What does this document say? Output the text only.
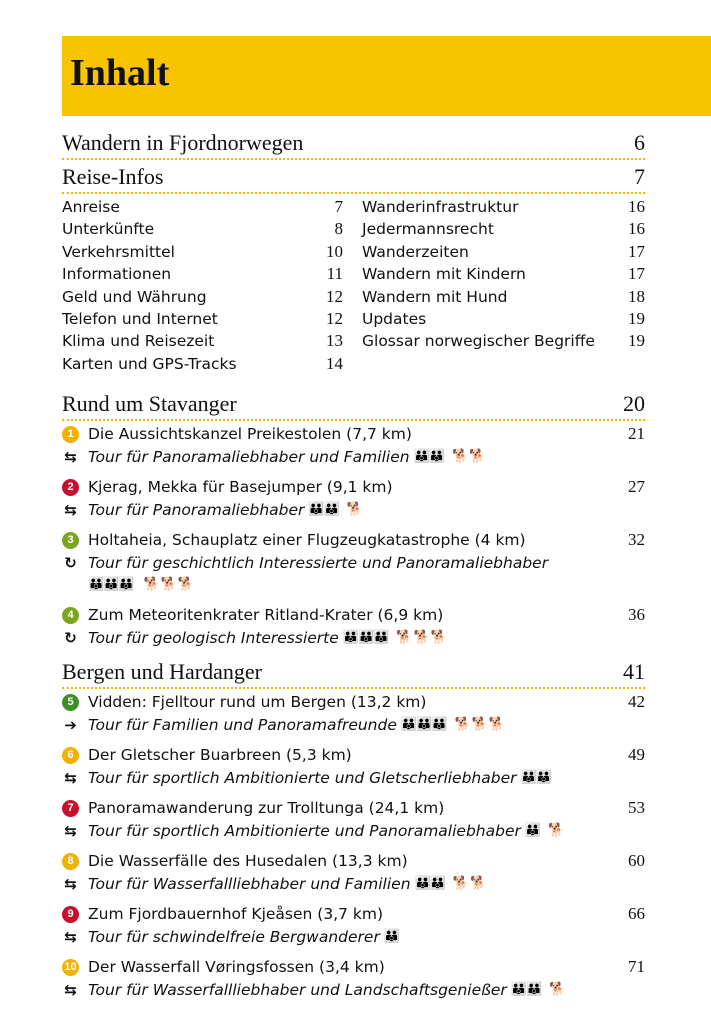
Inhalt
Wandern in Fjordnorwegen	6
Reise-Infos	7
Anreise	7
Unterkünfte	8
Verkehrsmittel	10
Informationen	11
Geld und Währung	12
Telefon und Internet	12
Klima und Reisezeit	13
Karten und GPS-Tracks	14
Wanderinfrastruktur	16
Jedermannsrecht	16
Wanderzeiten	17
Wandern mit Kindern	17
Wandern mit Hund	18
Updates	19
Glossar norwegischer Begriffe 19
Rund um Stavanger	20
1 Die Aussichtskanzel Preikestolen (7,7 km)	21
⇆ Tour für Panoramaliebhaber und Familien 👪👪 🐕🐕
2 Kjerag, Mekka für Basejumper (9,1 km)	27
⇆ Tour für Panoramaliebhaber 👪👪 🐕
3 Holtaheia, Schauplatz einer Flugzeugkatastrophe (4 km)	32
↻ Tour für geschichtlich Interessierte und Panoramaliebhaber
👪👪👪 🐕🐕🐕
4 Zum Meteoritenkrater Ritland-Krater (6,9 km)	36
↻ Tour für geologisch Interessierte 👪👪👪 🐕🐕🐕
Bergen und Hardanger	41
5 Vidden: Fjelltour rund um Bergen (13,2 km)	42
➔ Tour für Familien und Panoramafreunde 👪👪👪 🐕🐕🐕
6 Der Gletscher Buarbreen (5,3 km)	49
⇆ Tour für sportlich Ambitionierte und Gletscherliebhaber 👪👪
7 Panoramawanderung zur Trolltunga (24,1 km)	53
⇆ Tour für sportlich Ambitionierte und Panoramaliebhaber 👪 🐕
8 Die Wasserfälle des Husedalen (13,3 km)	60
⇆ Tour für Wasserfallliebhaber und Familien 👪👪 🐕🐕
9 Zum Fjordbauernhof Kjeåsen (3,7 km)	66
⇆ Tour für schwindelfreie Bergwanderer 👪
10 Der Wasserfall Vøringsfossen (3,4 km)	71
⇆ Tour für Wasserfallliebhaber und Landschaftsgenießer 👪👪 🐕
